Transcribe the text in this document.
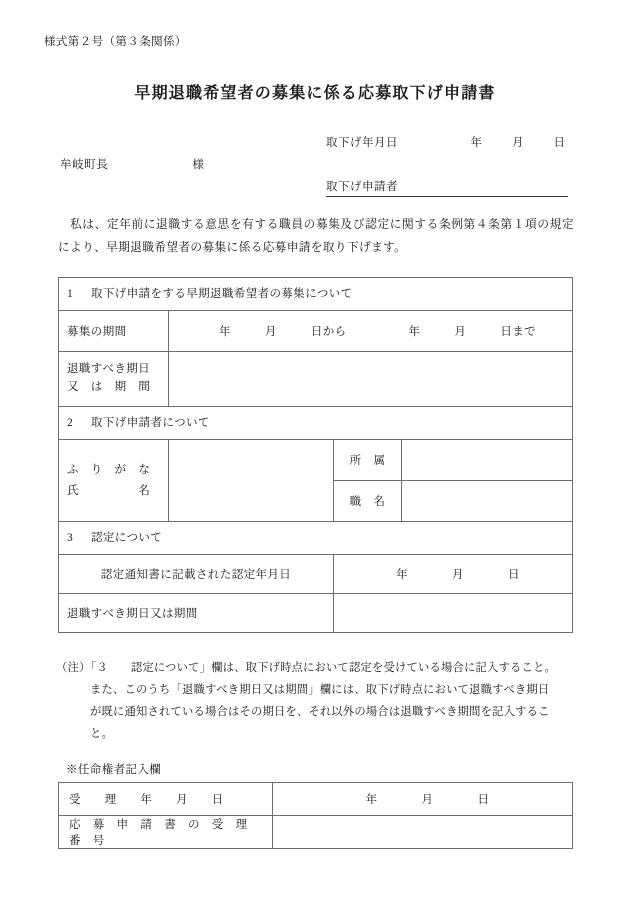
様式第２号（第３条関係）
早期退職希望者の募集に係る応募取下げ申請書
取下げ年月日	年	月	日
牟岐町長	様
取下げ申請者
私は、定年前に退職する意思を有する職員の募集及び認定に関する条例第４条第１項の規定により、早期退職希望者の募集に係る応募申請を取り下げます。
1 取下げ申請をする早期退職希望者の募集について			

募集の期間	年	月	日から	年	月	日まで

退職すべき期日
又　は　期　間			

2 取下げ申請者について			

ふ　り　が　な
氏　　　　　名		所　属	
		職　名	
3 認定について			
認定通知書に記載された認定年月日		年 月 日	

退職すべき期日又は期間			

（注）「３　　認定について」欄は、取下げ時点において認定を受けている場合に記入すること。
また、このうち「退職すべき期日又は期間」欄には、取下げ時点において退職すべき期日
が既に通知されている場合はその期日を、それ以外の場合は退職すべき期間を記入するこ
と。
※任命権者記入欄
受　　理　　年　　月　　日	年 月 日

応　募　申　請　書　の　受　理　番　号	
